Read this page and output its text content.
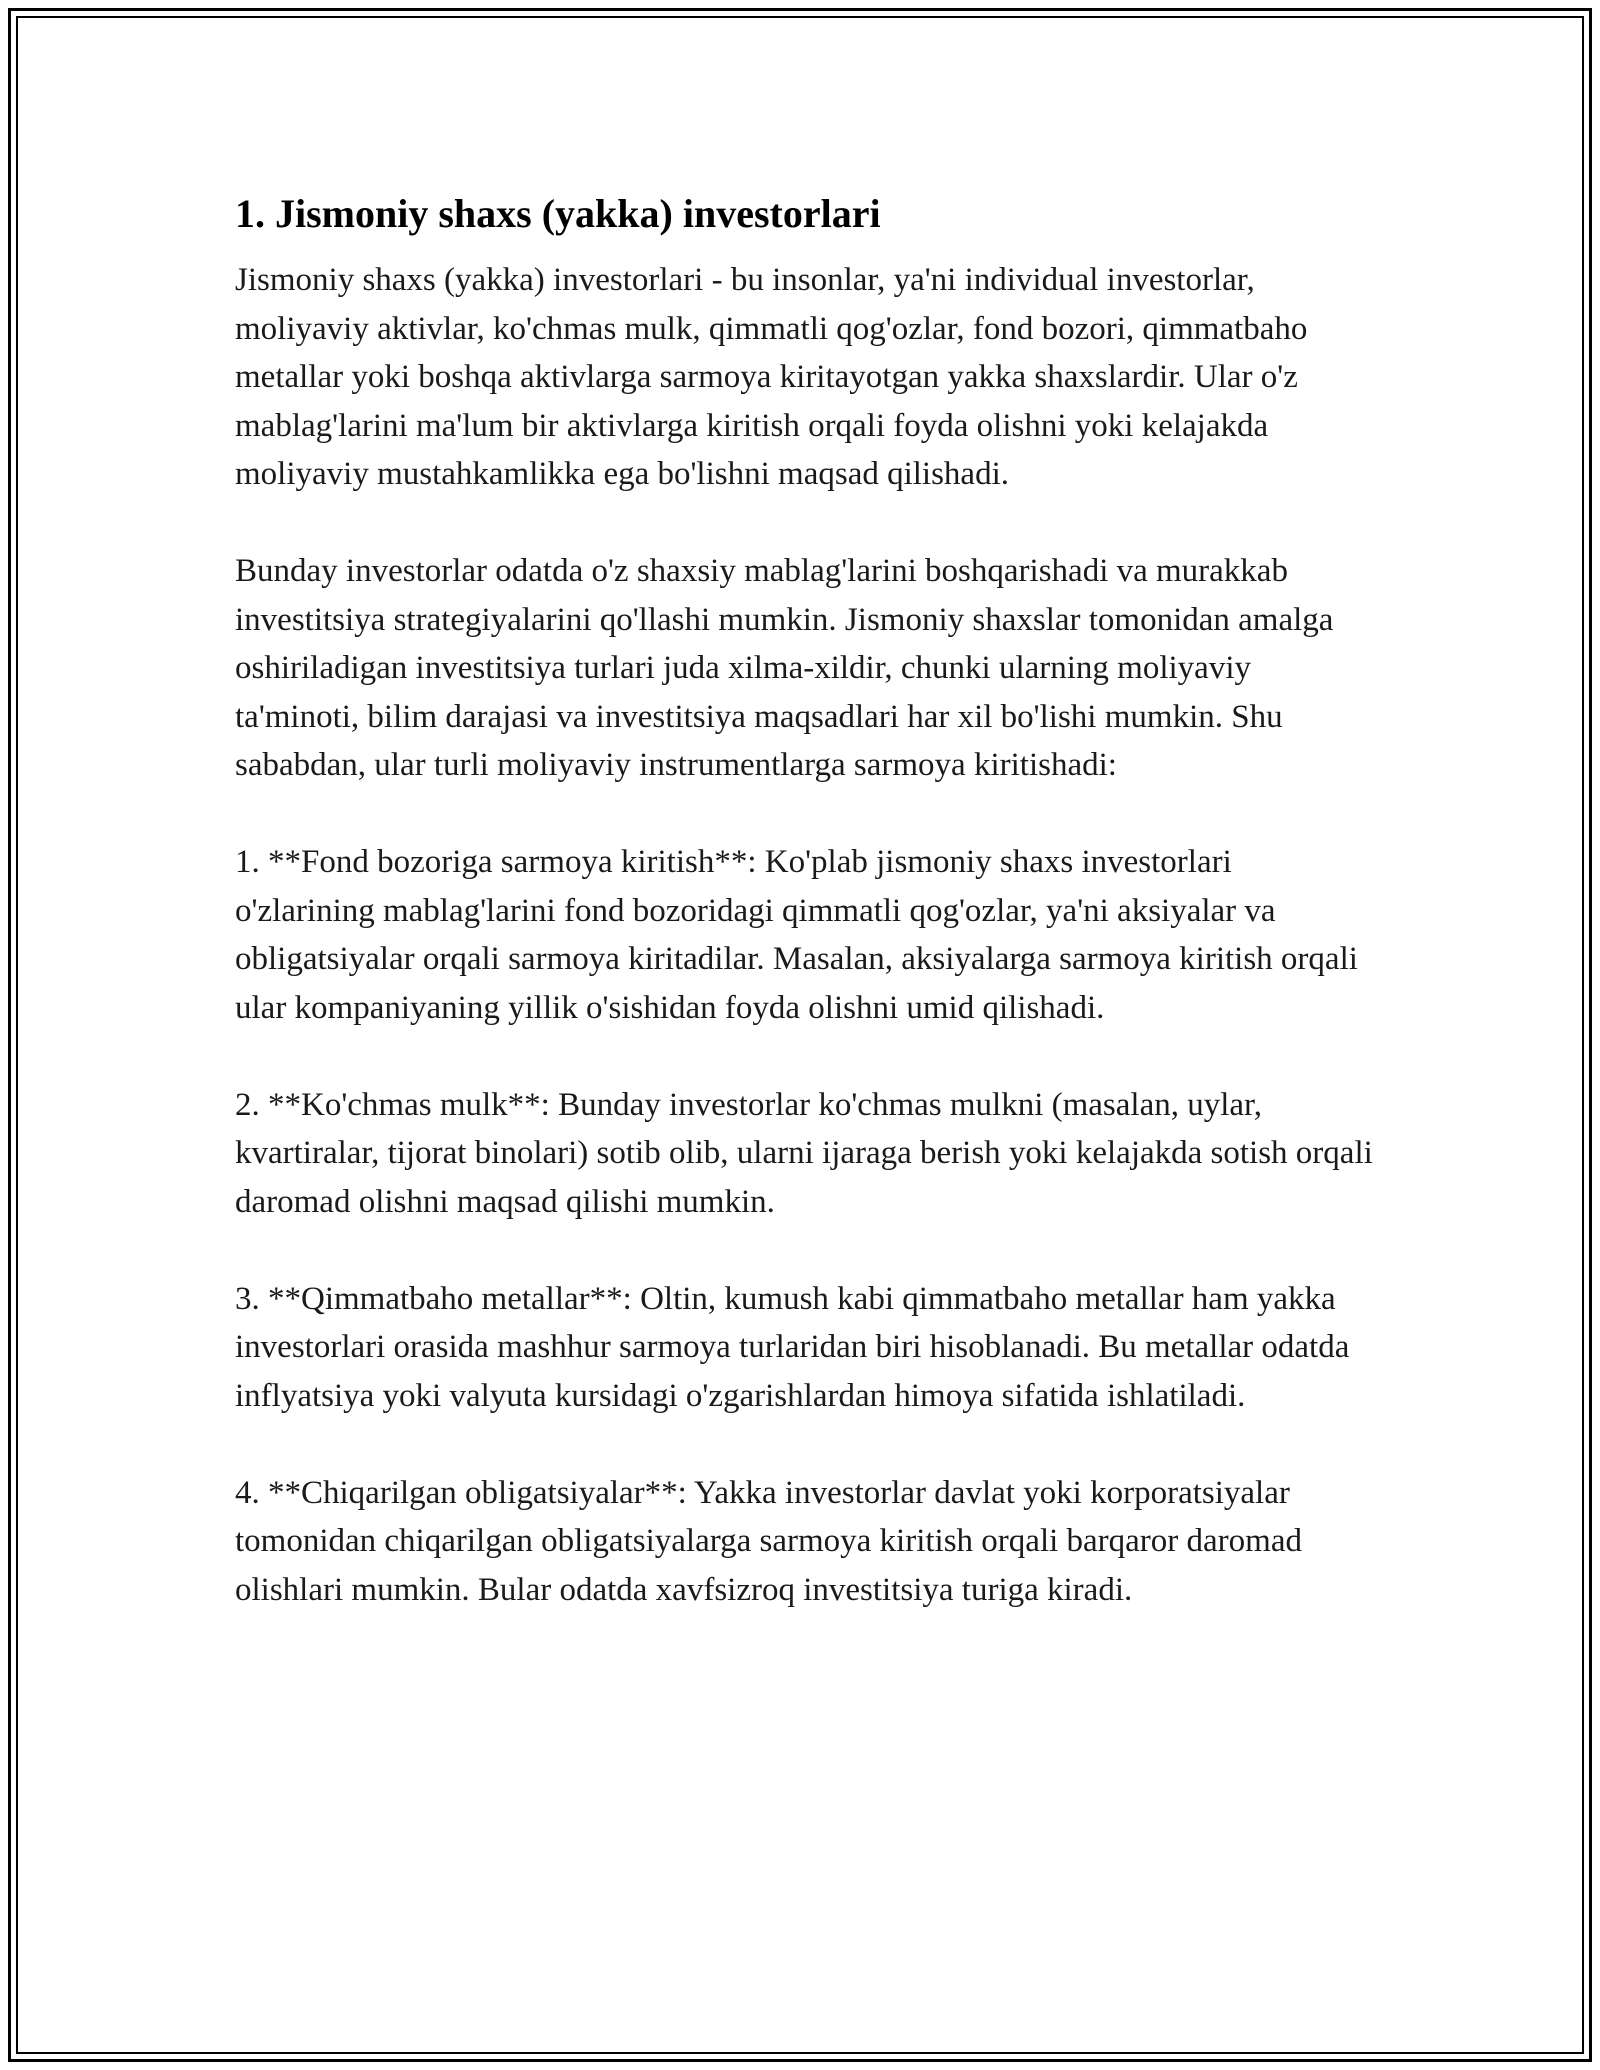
1. Jismoniy shaxs (yakka) investorlari

Jismoniy shaxs (yakka) investorlari - bu insonlar, ya'ni individual investorlar, moliyaviy aktivlar, ko'chmas mulk, qimmatli qog'ozlar, fond bozori, qimmatbaho metallar yoki boshqa aktivlarga sarmoya kiritayotgan yakka shaxslardir. Ular o'z mablag'larini ma'lum bir aktivlarga kiritish orqali foyda olishni yoki kelajakda moliyaviy mustahkamlikka ega bo'lishni maqsad qilishadi.

Bunday investorlar odatda o'z shaxsiy mablag'larini boshqarishadi va murakkab investitsiya strategiyalarini qo'llashi mumkin. Jismoniy shaxslar tomonidan amalga oshiriladigan investitsiya turlari juda xilma-xildir, chunki ularning moliyaviy ta'minoti, bilim darajasi va investitsiya maqsadlari har xil bo'lishi mumkin. Shu sababdan, ular turli moliyaviy instrumentlarga sarmoya kiritishadi:

1. **Fond bozoriga sarmoya kiritish**: Ko'plab jismoniy shaxs investorlari o'zlarining mablag'larini fond bozoridagi qimmatli qog'ozlar, ya'ni aksiyalar va obligatsiyalar orqali sarmoya kiritadilar. Masalan, aksiyalarga sarmoya kiritish orqali ular kompaniyaning yillik o'sishidan foyda olishni umid qilishadi.

2. **Ko'chmas mulk**: Bunday investorlar ko'chmas mulkni (masalan, uylar, kvartiralar, tijorat binolari) sotib olib, ularni ijaraga berish yoki kelajakda sotish orqali daromad olishni maqsad qilishi mumkin.

3. **Qimmatbaho metallar**: Oltin, kumush kabi qimmatbaho metallar ham yakka investorlari orasida mashhur sarmoya turlaridan biri hisoblanadi. Bu metallar odatda inflyatsiya yoki valyuta kursidagi o'zgarishlardan himoya sifatida ishlatiladi.

4. **Chiqarilgan obligatsiyalar**: Yakka investorlar davlat yoki korporatsiyalar tomonidan chiqarilgan obligatsiyalarga sarmoya kiritish orqali barqaror daromad olishlari mumkin. Bular odatda xavfsizroq investitsiya turiga kiradi.
